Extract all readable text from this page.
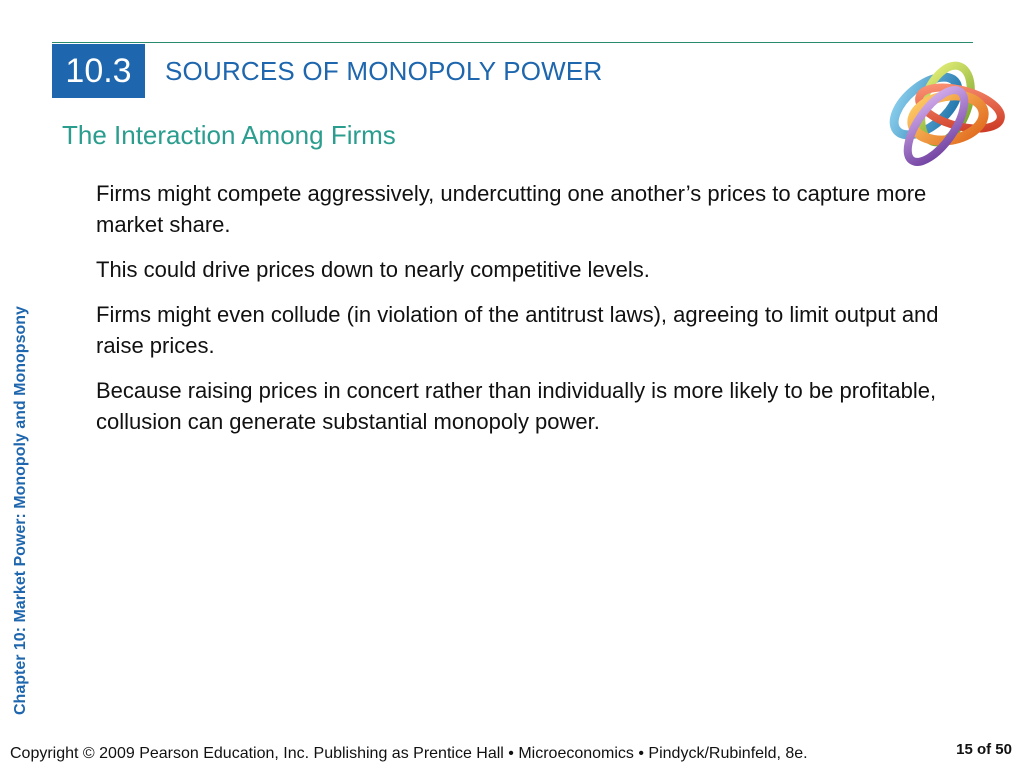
10.3	SOURCES OF MONOPOLY POWER
The Interaction Among Firms
Chapter 10: Market Power: Monopoly and Monopsony
Firms might compete aggressively, undercutting one another’s prices to capture more market share.
This could drive prices down to nearly competitive levels.
Firms might even collude (in violation of the antitrust laws), agreeing to limit output and raise prices.
Because raising prices in concert rather than individually is more likely to be profitable, collusion can generate substantial monopoly power.
Copyright © 2009 Pearson Education, Inc. Publishing as Prentice Hall • Microeconomics • Pindyck/Rubinfeld, 8e.	15 of 50
